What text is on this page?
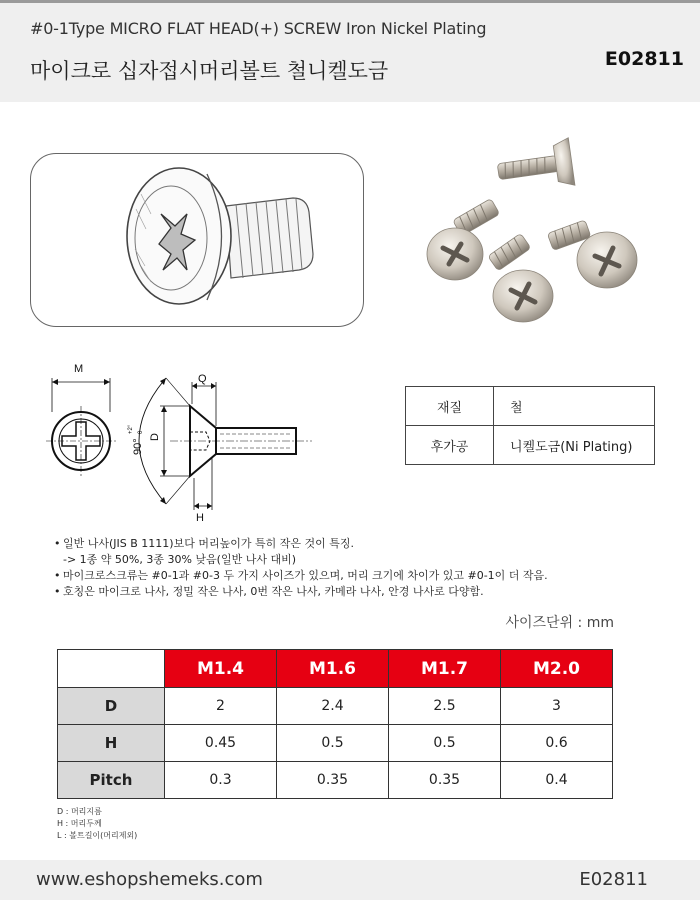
#0-1Type MICRO FLAT HEAD(+) SCREW Iron Nickel Plating
마이크로 십자접시머리볼트 철니켈도금	E02811
M
Q
D
H
90°
+2° 0
재질	철
후가공	니켈도금(Ni Plating)
• 일반 나사(JIS B 1111)보다 머리높이가 특히 작은 것이 특징.
-> 1종 약 50%, 3종 30% 낮음(일반 나사 대비)
• 마이크로스크류는 #0-1과 #0-3 두 가지 사이즈가 있으며, 머리 크기에 차이가 있고 #0-1이 더 작음.
• 호칭은 마이크로 나사, 정밀 작은 나사, 0번 작은 나사, 카메라 나사, 안경 나사로 다양함.
사이즈단위 : mm
	M1.4	M1.6	M1.7	M2.0
D	2	2.4	2.5	3
H	0.45	0.5	0.5	0.6
Pitch	0.3	0.35	0.35	0.4
D : 머리지름
H : 머리두께
L : 볼트길이(머리제외)
www.eshopshemeks.com	E02811
